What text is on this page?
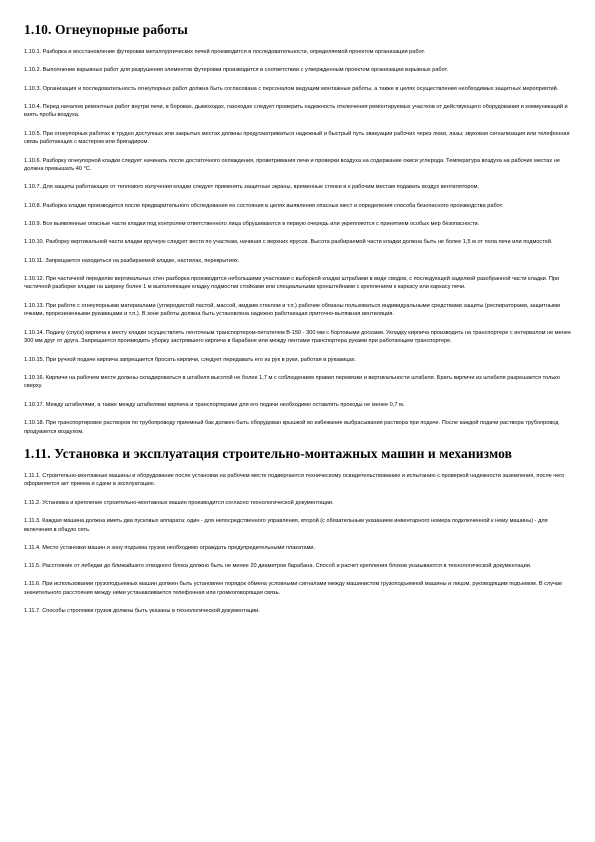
1.10. Огнеупорные работы

1.10.1. Разборка и восстановление футеровки металлургических печей производится в последовательности, определяемой проектом организации работ.

1.10.2. Выполнение взрывных работ для разрушения элементов футеровки производится в соответствии с утвержденным проектом организации взрывных работ.

1.10.3. Организация и последовательность огнеупорных работ должна быть согласована с персоналом ведущим монтажные работы, а также в целях осуществления необходимых защитных мероприятий.

1.10.4. Перед началом ремонтных работ внутри печи, в боровах, дымоходах, газоходах следует проверить надежность отключения ремонтируемых участков от действующего оборудования и коммуникаций и взять пробы воздуха.

1.10.5. При огнеупорных работах в трудно доступных или закрытых местах должны предусматриваться надежный и быстрый путь эвакуации рабочих через люки, лазы; звуковая сигнализация или телефонная связь работающих с мастером или бригадиром.

1.10.6. Разборку огнеупорной кладки следует начинать после достаточного охлаждения, проветривания печи и проверки воздуха на содержание окиси углерода. Температура воздуха на рабочих местах не должна превышать 40 °С.

1.10.7. Для защиты работающих от теплового излучения кладки следует применять защитные экраны, временные стенки и к рабочим местам подавать воздух вентилятором.

1.10.8. Разборка кладки производится после предварительного обследования ее состояния в целях выявления опасных мест и определения способа безопасного производства работ.

1.10.9. Все выявленные опасные части кладки под контролем ответственного лица обрушиваются в первую очередь или укрепляются с принятием особых мер безопасности.

1.10.10. Разборку вертикальной части кладки вручную следует вести по участкам, начиная с верхних ярусов. Высота разбираемой части кладки должна быть не более 1,5 м от пола печи или подмостей.

1.10.11. Запрещается находиться на разбираемой кладке, настилах, перекрытиях.

1.10.12. При частичной переделке вертикальных стен разборка производится небольшими участками с выборкой кладки штрабами в виде сводов, с последующей заделкой разобранной части кладки. При частичной разборке кладки на ширину более 1 м выполняющие кладку подмостки стойками или специальными кронштейнами с креплением к каркасу или каркасу печи.

1.10.13. При работе с огнеупорными материалами (углеродистой пастой, массой, жидким стеклом и т.п.) рабочие обязаны пользоваться индивидуальными средствами защиты (респираторами, защитными очками, прорезиненными рукавицами и т.п.). В зоне работы должна быть установлена надежно работающая приточно-вытяжная вентиляция.

1.10.14. Подачу (спуск) кирпича к месту кладки осуществлять ленточным транспортером-питателем В-150 - 300 мм с бортовыми досками. Укладку кирпича производить на транспортере с интервалом не менее 300 мм друг от друга. Запрещается производить уборку застрявшего кирпича в барабане или между лентами транспортера руками при работающем транспортере.

1.10.15. При ручной подаче кирпича запрещается бросать кирпичи, следует передавать его из рук в руки, работая в рукавицах.

1.10.16. Кирпичи на рабочем месте должны складироваться в штабеля высотой не более 1,7 м с соблюдением правил перевязки и вертикальности штабеля. Брать кирпичи из штабеля разрешается только сверху.

1.10.17. Между штабелями, а также между штабелями кирпича и транспортерами для его подачи необходимо оставлять проходы не менее 0,7 м.

1.10.18. При транспортировке растворов по трубопроводу приемный бак должен быть оборудован крышкой во избежание выбрасывания раствора при подаче. После каждой подачи раствора трубопровод продувается воздухом.

1.11. Установка и эксплуатация строительно-монтажных машин и механизмов

1.11.1. Строительно-монтажные машины и оборудование после установки на рабочем месте подвергаются техническому освидетельствованию и испытанию с проверкой надежности заземления, после чего оформляется акт приема и сдачи в эксплуатацию.

1.11.2. Установка и крепление строительно-монтажных машин производится согласно технологической документации.

1.11.3. Каждая машина должна иметь два пусковых аппарата: один - для непосредственного управления, второй (с обязательным указанием инвентарного номера подключенной к нему машины) - для включения в общую сеть.

1.11.4. Место установки машин и зону подъема грузов необходимо ограждать предупредительными плакатами.

1.11.5. Расстояние от лебедки до ближайшего отводного блока должно быть не менее 20 диаметров барабана. Способ и расчет крепления блоков указываются в технологической документации.

1.11.6. При использовании грузоподъемных машин должен быть установлен порядок обмена условными сигналами между машинистом грузоподъемной машины и лицом, руководящим подъемом. В случае значительного расстояния между ними устанавливается телефонная или громкоговорящая связь.

1.11.7. Способы строповки грузов должны быть указаны в технологической документации.
